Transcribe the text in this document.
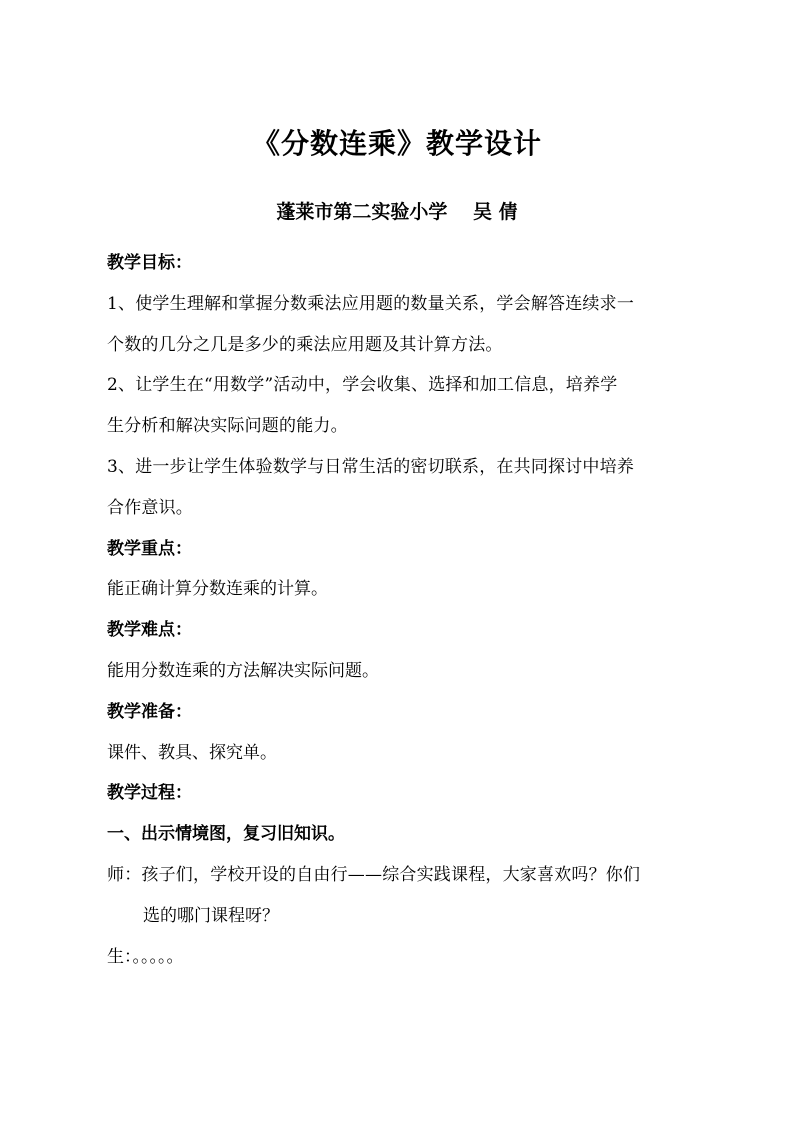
《分数连乘》教学设计
蓬莱市第二实验小学　 吴 倩
教学目标：
1、使学生理解和掌握分数乘法应用题的数量关系，学会解答连续求一
个数的几分之几是多少的乘法应用题及其计算方法。
2、让学生在“用数学”活动中，学会收集、选择和加工信息，培养学
生分析和解决实际问题的能力。
3、进一步让学生体验数学与日常生活的密切联系，在共同探讨中培养
合作意识。
教学重点：
能正确计算分数连乘的计算。
教学难点：
能用分数连乘的方法解决实际问题。
教学准备：
课件、教具、探究单。
教学过程：
一、出示情境图，复习旧知识。
师：孩子们，学校开设的自由行——综合实践课程，大家喜欢吗？你们
选的哪门课程呀？
生：。。。。。
